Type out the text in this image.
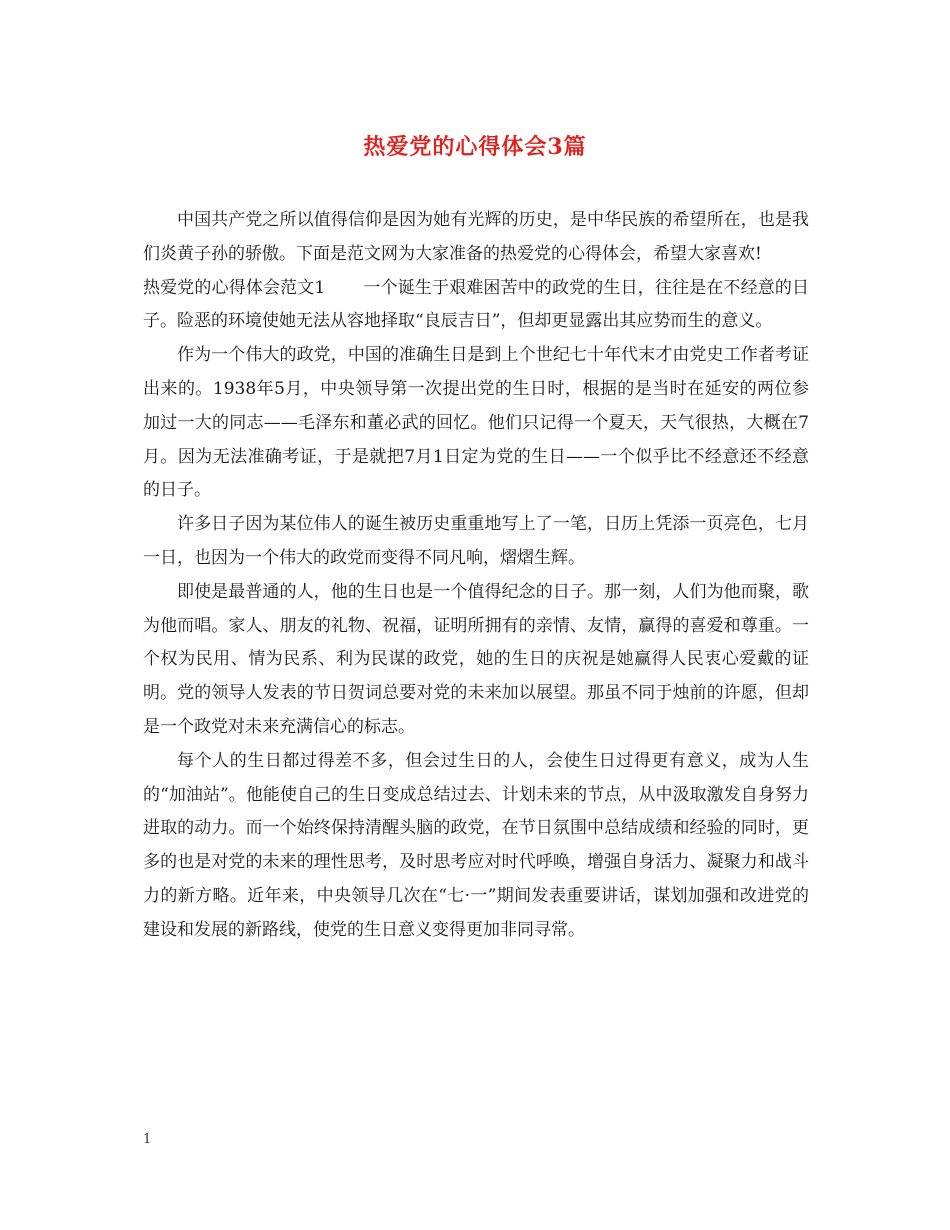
热爱党的心得体会3篇

中国共产党之所以值得信仰是因为她有光辉的历史，是中华民族的希望所在，也是我们炎黄子孙的骄傲。下面是范文网为大家准备的热爱党的心得体会，希望大家喜欢!

热爱党的心得体会范文1 一个诞生于艰难困苦中的政党的生日，往往是在不经意的日子。险恶的环境使她无法从容地择取“良辰吉日”，但却更显露出其应势而生的意义。

作为一个伟大的政党，中国的准确生日是到上个世纪七十年代末才由党史工作者考证出来的。1938年5月，中央领导第一次提出党的生日时，根据的是当时在延安的两位参加过一大的同志——毛泽东和董必武的回忆。他们只记得一个夏天，天气很热，大概在7月。因为无法准确考证，于是就把7月1日定为党的生日——一个似乎比不经意还不经意的日子。

许多日子因为某位伟人的诞生被历史重重地写上了一笔，日历上凭添一页亮色，七月一日，也因为一个伟大的政党而变得不同凡响，熠熠生辉。

即使是最普通的人，他的生日也是一个值得纪念的日子。那一刻，人们为他而聚，歌为他而唱。家人、朋友的礼物、祝福，证明所拥有的亲情、友情，赢得的喜爱和尊重。一个权为民用、情为民系、利为民谋的政党，她的生日的庆祝是她赢得人民衷心爱戴的证明。党的领导人发表的节日贺词总要对党的未来加以展望。那虽不同于烛前的许愿，但却是一个政党对未来充满信心的标志。

每个人的生日都过得差不多，但会过生日的人，会使生日过得更有意义，成为人生的“加油站”。他能使自己的生日变成总结过去、计划未来的节点，从中汲取激发自身努力进取的动力。而一个始终保持清醒头脑的政党，在节日氛围中总结成绩和经验的同时，更多的也是对党的未来的理性思考，及时思考应对时代呼唤，增强自身活力、凝聚力和战斗力的新方略。近年来，中央领导几次在“七·一”期间发表重要讲话，谋划加强和改进党的建设和发展的新路线，使党的生日意义变得更加非同寻常。

1
